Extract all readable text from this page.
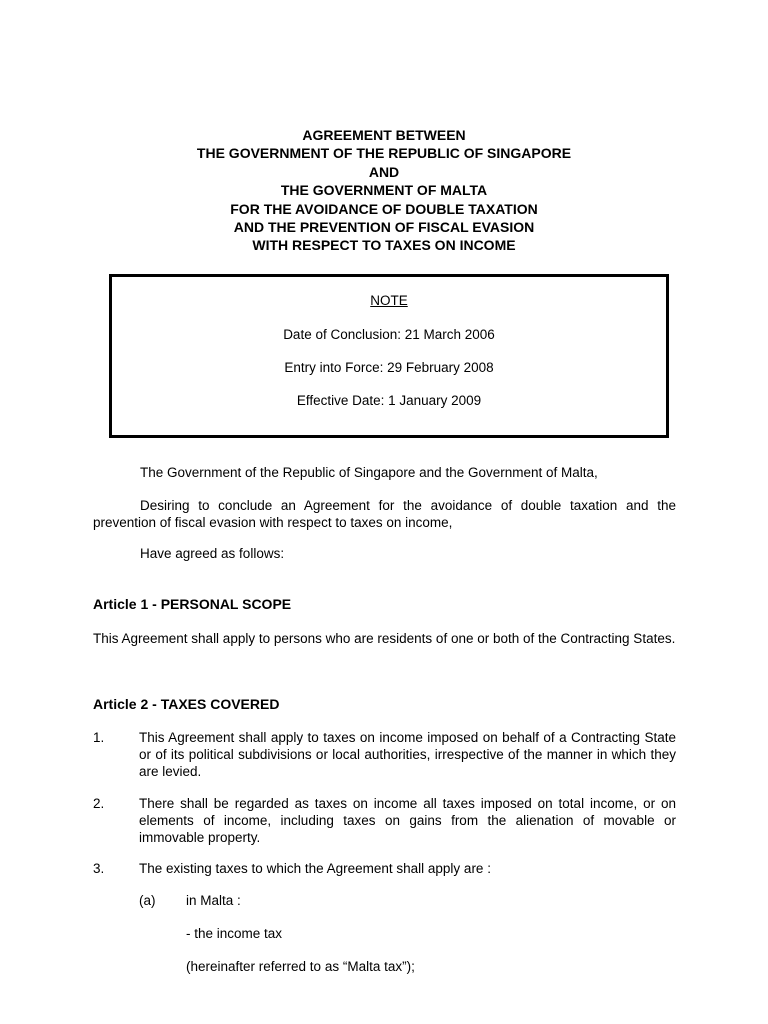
AGREEMENT BETWEEN
THE GOVERNMENT OF THE REPUBLIC OF SINGAPORE
AND
THE GOVERNMENT OF MALTA
FOR THE AVOIDANCE OF DOUBLE TAXATION
AND THE PREVENTION OF FISCAL EVASION
WITH RESPECT TO TAXES ON INCOME
NOTE
Date of Conclusion: 21 March 2006
Entry into Force: 29 February 2008
Effective Date: 1 January 2009
The Government of the Republic of Singapore and the Government of Malta,
Desiring to conclude an Agreement for the avoidance of double taxation and the prevention of fiscal evasion with respect to taxes on income,
Have agreed as follows:
Article 1 - PERSONAL SCOPE
This Agreement shall apply to persons who are residents of one or both of the Contracting States.
Article 2 - TAXES COVERED
1.	This Agreement shall apply to taxes on income imposed on behalf of a Contracting State or of its political subdivisions or local authorities, irrespective of the manner in which they are levied.
2.	There shall be regarded as taxes on income all taxes imposed on total income, or on elements of income, including taxes on gains from the alienation of movable or immovable property.
3.	The existing taxes to which the Agreement shall apply are :
(a) in Malta :
- the income tax
(hereinafter referred to as “Malta tax”);
